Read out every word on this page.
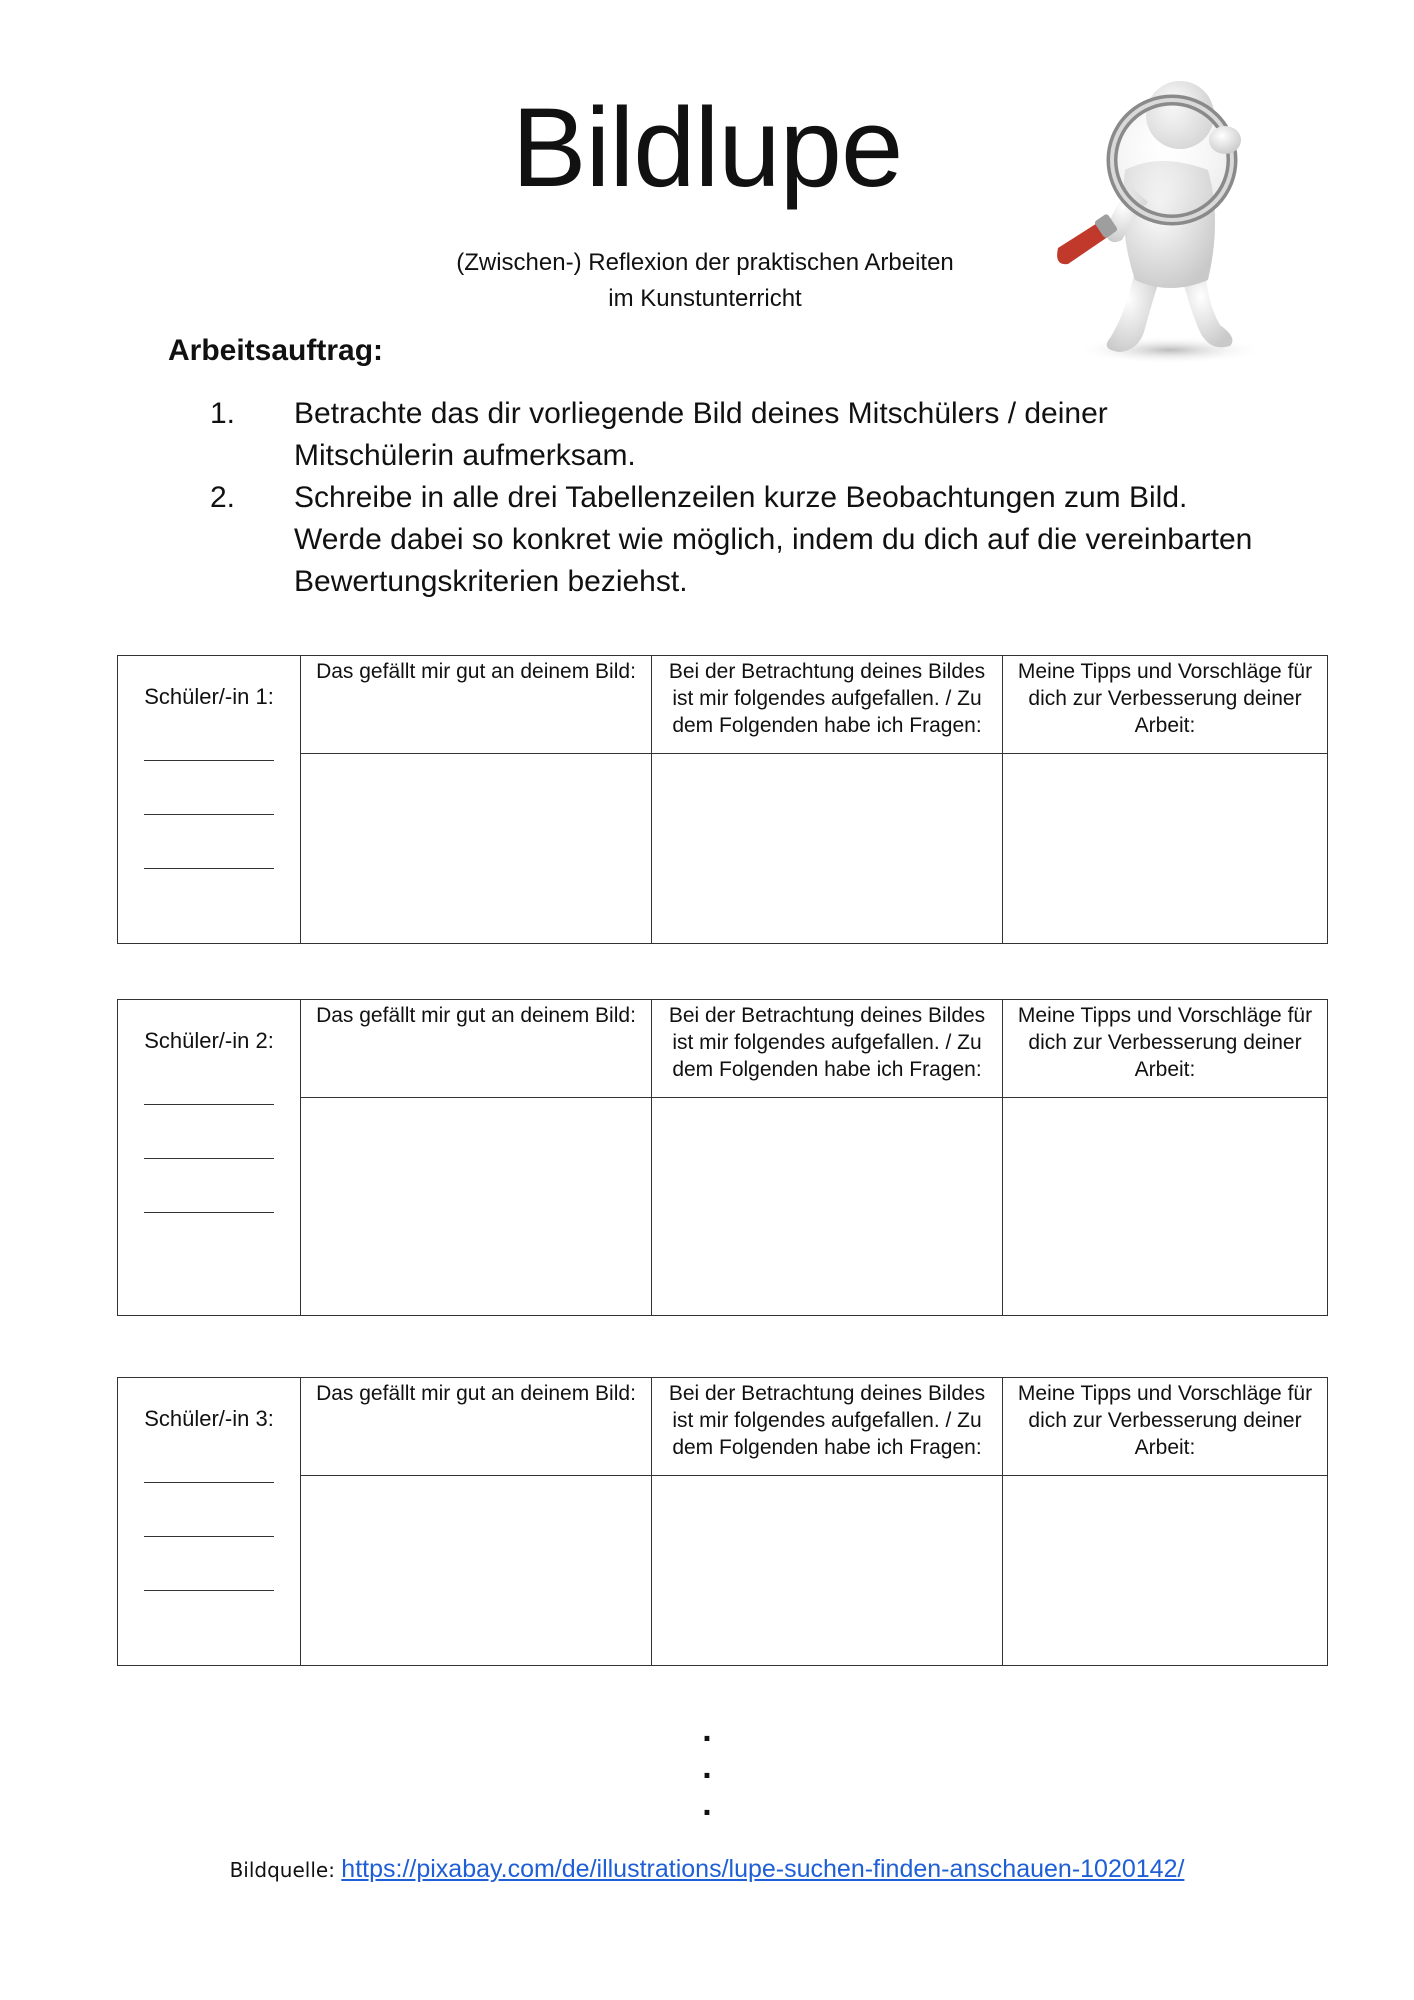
Bildlupe
(Zwischen-) Reflexion der praktischen Arbeiten
im Kunstunterricht
Arbeitsauftrag:
1.	Betrachte das dir vorliegende Bild deines Mitschülers / deiner Mitschülerin aufmerksam.
2.	Schreibe in alle drei Tabellenzeilen kurze Beobachtungen zum Bild. Werde dabei so konkret wie möglich, indem du dich auf die vereinbarten Bewertungskriterien beziehst.
Schüler/-in 1:	Das gefällt mir gut an deinem Bild:	Bei der Betrachtung deines Bildes ist mir folgendes aufgefallen. / Zu dem Folgenden habe ich Fragen:	Meine Tipps und Vorschläge für dich zur Verbesserung deiner Arbeit:

Schüler/-in 2:	Das gefällt mir gut an deinem Bild:	Bei der Betrachtung deines Bildes ist mir folgendes aufgefallen. / Zu dem Folgenden habe ich Fragen:	Meine Tipps und Vorschläge für dich zur Verbesserung deiner Arbeit:

Schüler/-in 3:	Das gefällt mir gut an deinem Bild:	Bei der Betrachtung deines Bildes ist mir folgendes aufgefallen. / Zu dem Folgenden habe ich Fragen:	Meine Tipps und Vorschläge für dich zur Verbesserung deiner Arbeit:

.
.
.
Bildquelle: https://pixabay.com/de/illustrations/lupe-suchen-finden-anschauen-1020142/
